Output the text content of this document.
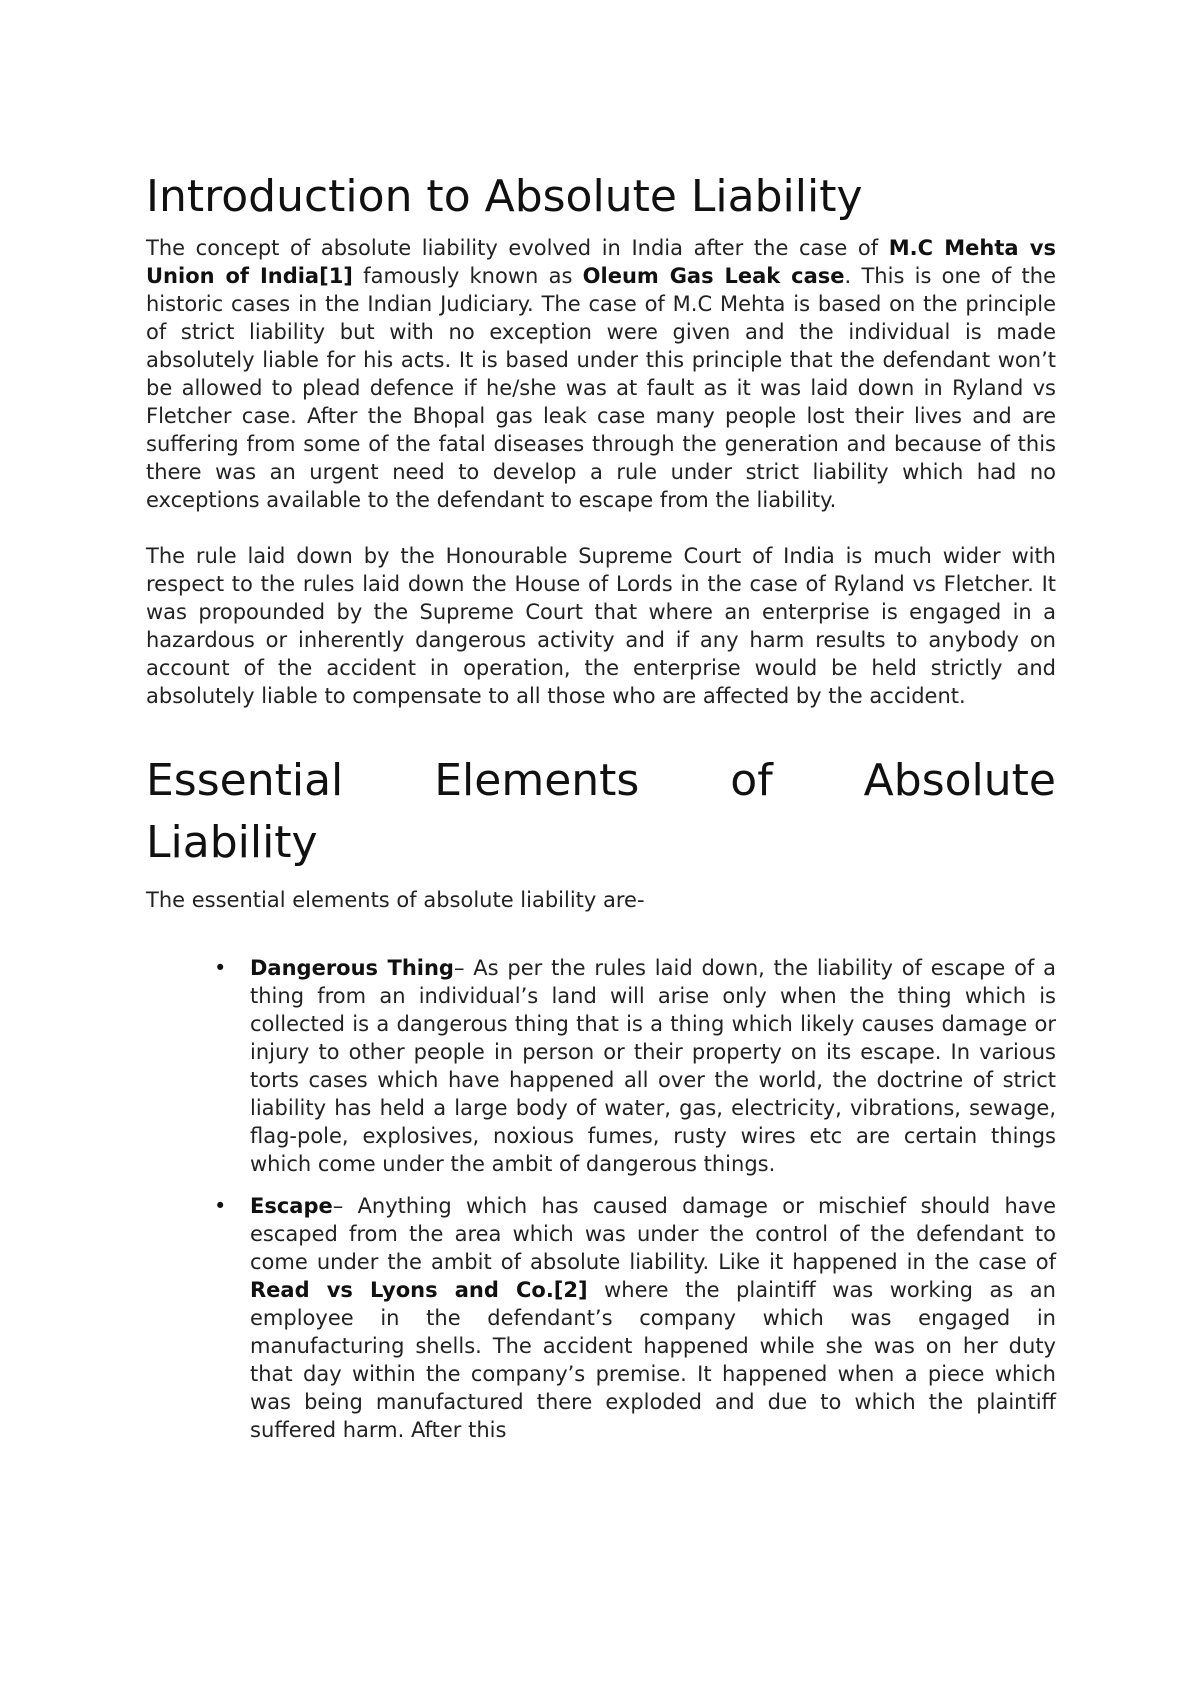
Introduction to Absolute Liability

The concept of absolute liability evolved in India after the case of M.C Mehta vs Union of India[1] famously known as Oleum Gas Leak case. This is one of the historic cases in the Indian Judiciary. The case of M.C Mehta is based on the principle of strict liability but with no exception were given and the individual is made absolutely liable for his acts. It is based under this principle that the defendant won’t be allowed to plead defence if he/she was at fault as it was laid down in Ryland vs Fletcher case. After the Bhopal gas leak case many people lost their lives and are suffering from some of the fatal diseases through the generation and because of this there was an urgent need to develop a rule under strict liability which had no exceptions available to the defendant to escape from the liability.

The rule laid down by the Honourable Supreme Court of India is much wider with respect to the rules laid down the House of Lords in the case of Ryland vs Fletcher. It was propounded by the Supreme Court that where an enterprise is engaged in a hazardous or inherently dangerous activity and if any harm results to anybody on account of the accident in operation, the enterprise would be held strictly and absolutely liable to compensate to all those who are affected by the accident.

Essential Elements of Absolute
Liability

The essential elements of absolute liability are-

• Dangerous Thing– As per the rules laid down, the liability of escape of a thing from an individual’s land will arise only when the thing which is collected is a dangerous thing that is a thing which likely causes damage or injury to other people in person or their property on its escape. In various torts cases which have happened all over the world, the doctrine of strict liability has held a large body of water, gas, electricity, vibrations, sewage, flag-pole, explosives, noxious fumes, rusty wires etc are certain things which come under the ambit of dangerous things.

• Escape– Anything which has caused damage or mischief should have escaped from the area which was under the control of the defendant to come under the ambit of absolute liability. Like it happened in the case of Read vs Lyons and Co.[2] where the plaintiff was working as an employee in the defendant’s company which was engaged in manufacturing shells. The accident happened while she was on her duty that day within the company’s premise. It happened when a piece which was being manufactured there exploded and due to which the plaintiff suffered harm. After this
